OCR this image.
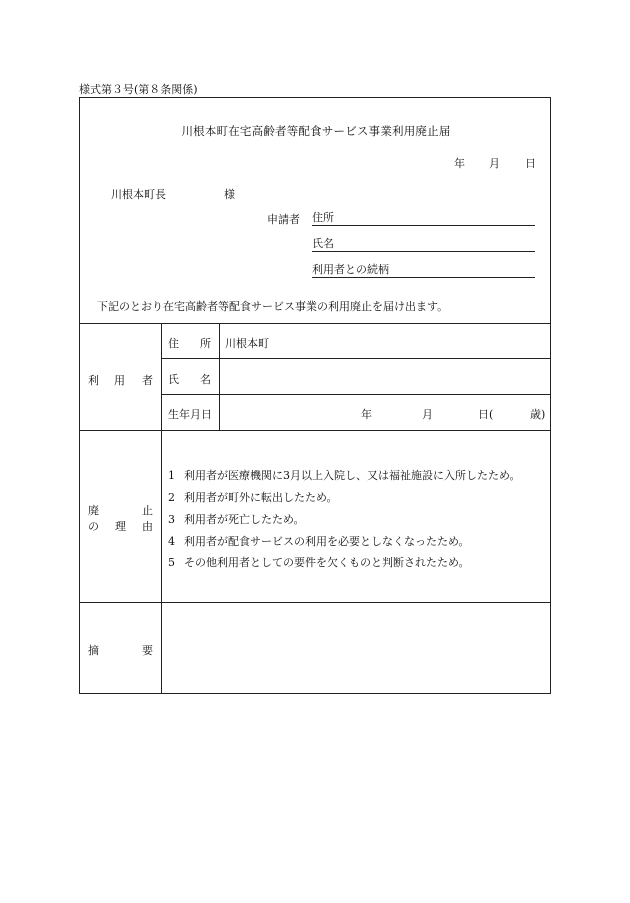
様式第３号(第８条関係)
川根本町在宅高齢者等配食サービス事業利用廃止届
年 月 日
川根本町長	様
申請者 住所
氏名
利用者との続柄
下記のとおり在宅高齢者等配食サービス事業の利用廃止を届け出ます。
利 用 者
住 所 川根本町
氏 名
生年月日	年	月	日(	歳)
廃	止
の 理 由
1 利用者が医療機関に3月以上入院し、又は福祉施設に入所したため。
2 利用者が町外に転出したため。
3 利用者が死亡したため。
4 利用者が配食サービスの利用を必要としなくなったため。
5 その他利用者としての要件を欠くものと判断されたため。
摘	要
